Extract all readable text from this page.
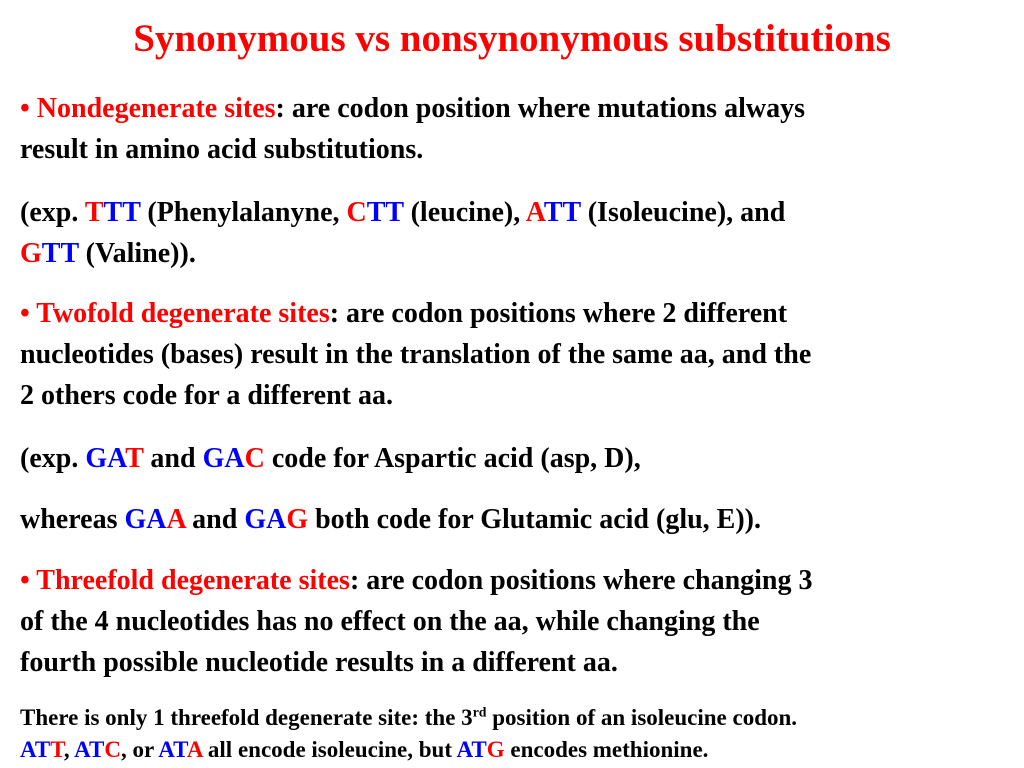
Synonymous vs nonsynonymous substitutions

• Nondegenerate sites: are codon position where mutations always
result in amino acid substitutions.

(exp. TTT (Phenylalanyne, CTT (leucine), ATT (Isoleucine), and
GTT (Valine)).

• Twofold degenerate sites: are codon positions where 2 different
nucleotides (bases) result in the translation of the same aa, and the
2 others code for a different aa.

(exp. GAT and GAC code for Aspartic acid (asp, D),

whereas GAA and GAG both code for Glutamic acid (glu, E)).

• Threefold degenerate sites: are codon positions where changing 3
of the 4 nucleotides has no effect on the aa, while changing the
fourth possible nucleotide results in a different aa.

There is only 1 threefold degenerate site: the 3rd position of an isoleucine codon.
ATT, ATC, or ATA all encode isoleucine, but ATG encodes methionine.
